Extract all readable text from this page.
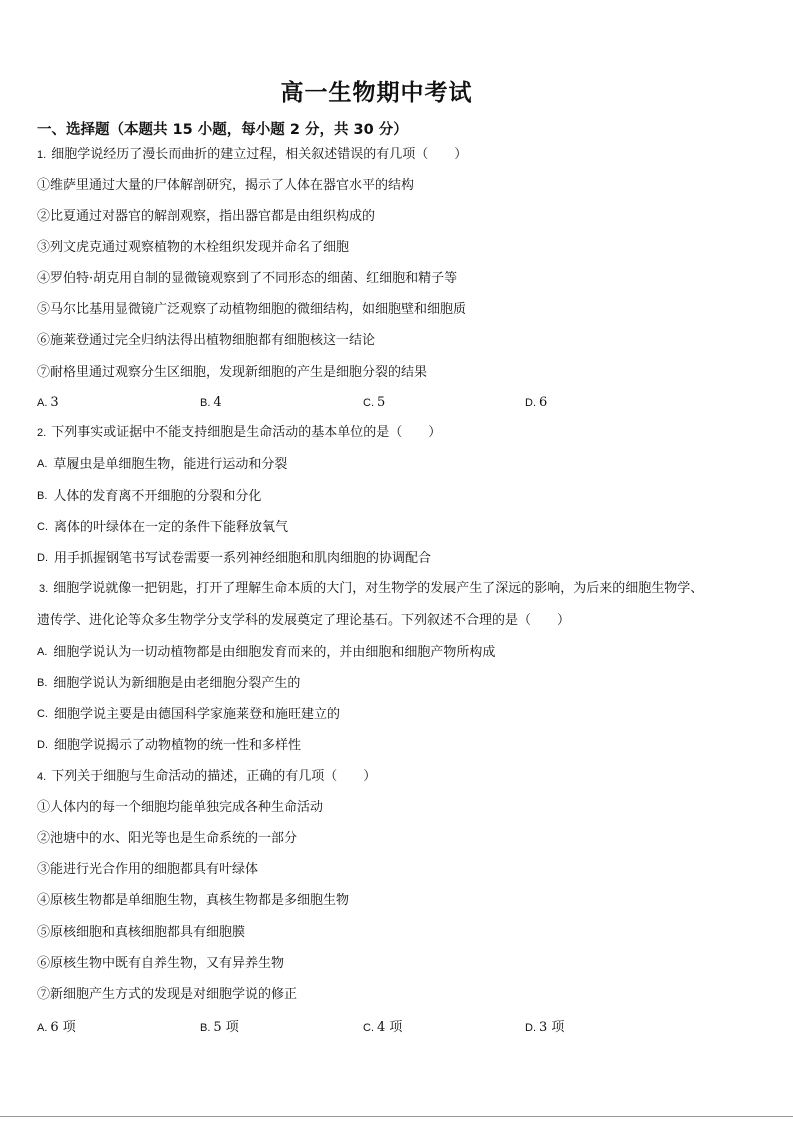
高一生物期中考试
一、选择题（本题共 15 小题，每小题 2 分，共 30 分）
1. 细胞学说经历了漫长而曲折的建立过程，相关叙述错误的有几项（　　）
①维萨里通过大量的尸体解剖研究，揭示了人体在器官水平的结构
②比夏通过对器官的解剖观察，指出器官都是由组织构成的
③列文虎克通过观察植物的木栓组织发现并命名了细胞
④罗伯特·胡克用自制的显微镜观察到了不同形态的细菌、红细胞和精子等
⑤马尔比基用显微镜广泛观察了动植物细胞的微细结构，如细胞壁和细胞质
⑥施莱登通过完全归纳法得出植物细胞都有细胞核这一结论
⑦耐格里通过观察分生区细胞，发现新细胞的产生是细胞分裂的结果
A. 3	B. 4	C. 5	D. 6
2. 下列事实或证据中不能支持细胞是生命活动的基本单位的是（　　）
A. 草履虫是单细胞生物，能进行运动和分裂
B. 人体的发育离不开细胞的分裂和分化
C. 离体的叶绿体在一定的条件下能释放氧气
D. 用手抓握钢笔书写试卷需要一系列神经细胞和肌肉细胞的协调配合
3. 细胞学说就像一把钥匙，打开了理解生命本质的大门，对生物学的发展产生了深远的影响，为后来的细胞生物学、
遗传学、进化论等众多生物学分支学科的发展奠定了理论基石。下列叙述不合理的是（　　）
A. 细胞学说认为一切动植物都是由细胞发育而来的，并由细胞和细胞产物所构成
B. 细胞学说认为新细胞是由老细胞分裂产生的
C. 细胞学说主要是由德国科学家施莱登和施旺建立的
D. 细胞学说揭示了动物植物的统一性和多样性
4. 下列关于细胞与生命活动的描述，正确的有几项（　　）
①人体内的每一个细胞均能单独完成各种生命活动
②池塘中的水、阳光等也是生命系统的一部分
③能进行光合作用的细胞都具有叶绿体
④原核生物都是单细胞生物，真核生物都是多细胞生物
⑤原核细胞和真核细胞都具有细胞膜
⑥原核生物中既有自养生物，又有异养生物
⑦新细胞产生方式的发现是对细胞学说的修正
A. 6 项	B. 5 项	C. 4 项	D. 3 项
